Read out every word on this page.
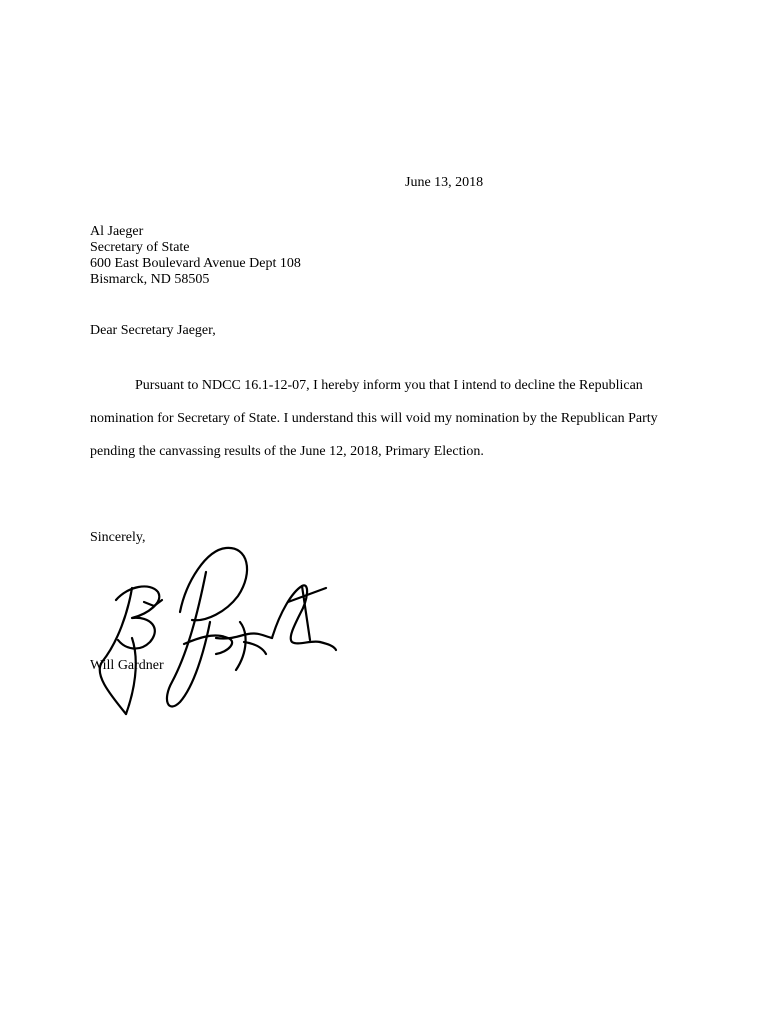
June 13, 2018
Al Jaeger
Secretary of State
600 East Boulevard Avenue Dept 108
Bismarck, ND 58505
Dear Secretary Jaeger,
Pursuant to NDCC 16.1-12-07, I hereby inform you that I intend to decline the Republican
nomination for Secretary of State. I understand this will void my nomination by the Republican Party
pending the canvassing results of the June 12, 2018, Primary Election.
Sincerely,
Will Gardner
